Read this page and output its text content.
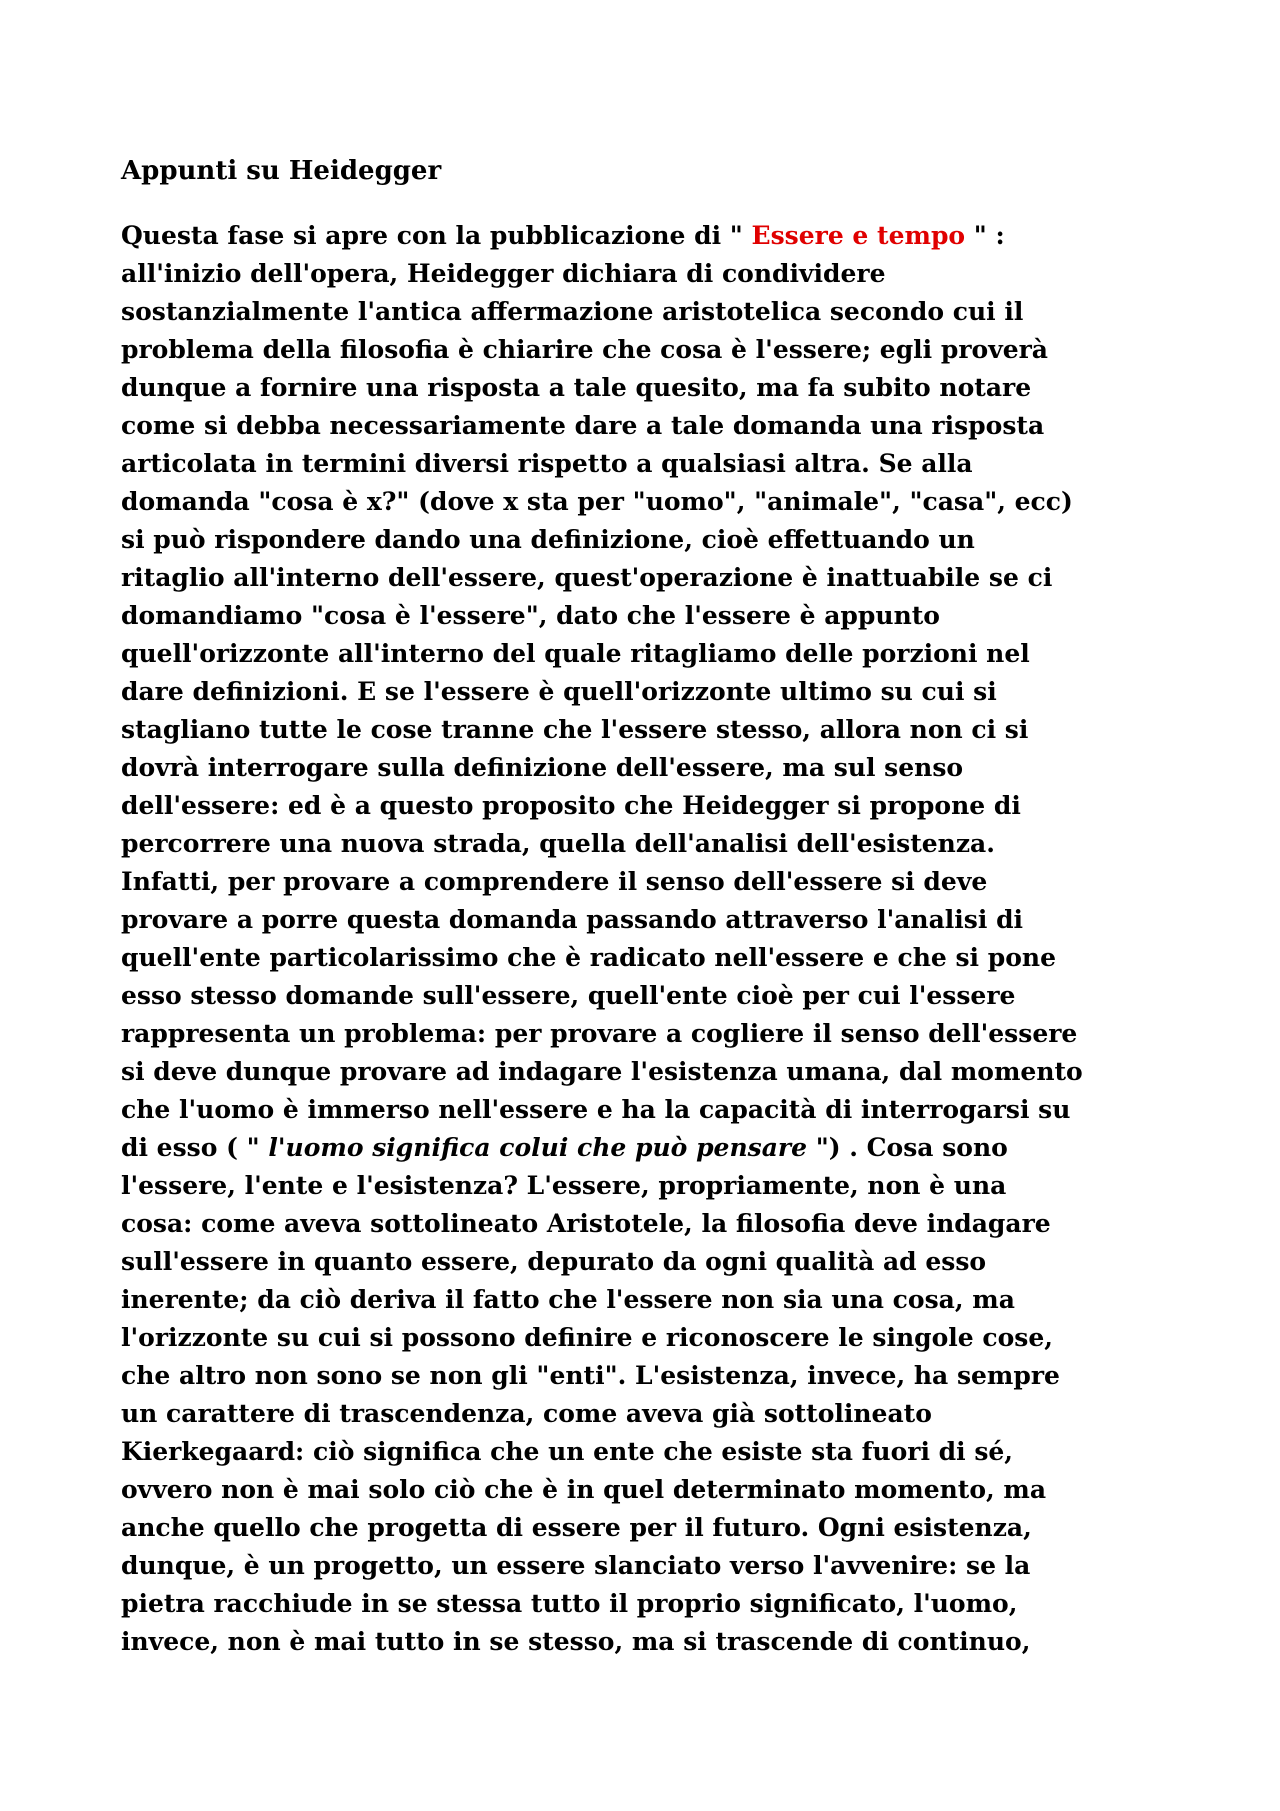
Appunti su Heidegger
Questa fase si apre con la pubblicazione di " Essere e tempo " :
all'inizio dell'opera, Heidegger dichiara di condividere
sostanzialmente l'antica affermazione aristotelica secondo cui il
problema della filosofia è chiarire che cosa è l'essere; egli proverà
dunque a fornire una risposta a tale quesito, ma fa subito notare
come si debba necessariamente dare a tale domanda una risposta
articolata in termini diversi rispetto a qualsiasi altra. Se alla
domanda "cosa è x?" (dove x sta per "uomo", "animale", "casa", ecc)
si può rispondere dando una definizione, cioè effettuando un
ritaglio all'interno dell'essere, quest'operazione è inattuabile se ci
domandiamo "cosa è l'essere", dato che l'essere è appunto
quell'orizzonte all'interno del quale ritagliamo delle porzioni nel
dare definizioni. E se l'essere è quell'orizzonte ultimo su cui si
stagliano tutte le cose tranne che l'essere stesso, allora non ci si
dovrà interrogare sulla definizione dell'essere, ma sul senso
dell'essere: ed è a questo proposito che Heidegger si propone di
percorrere una nuova strada, quella dell'analisi dell'esistenza.
Infatti, per provare a comprendere il senso dell'essere si deve
provare a porre questa domanda passando attraverso l'analisi di
quell'ente particolarissimo che è radicato nell'essere e che si pone
esso stesso domande sull'essere, quell'ente cioè per cui l'essere
rappresenta un problema: per provare a cogliere il senso dell'essere
si deve dunque provare ad indagare l'esistenza umana, dal momento
che l'uomo è immerso nell'essere e ha la capacità di interrogarsi su
di esso ( " l'uomo significa colui che può pensare ") . Cosa sono
l'essere, l'ente e l'esistenza? L'essere, propriamente, non è una
cosa: come aveva sottolineato Aristotele, la filosofia deve indagare
sull'essere in quanto essere, depurato da ogni qualità ad esso
inerente; da ciò deriva il fatto che l'essere non sia una cosa, ma
l'orizzonte su cui si possono definire e riconoscere le singole cose,
che altro non sono se non gli "enti". L'esistenza, invece, ha sempre
un carattere di trascendenza, come aveva già sottolineato
Kierkegaard: ciò significa che un ente che esiste sta fuori di sé,
ovvero non è mai solo ciò che è in quel determinato momento, ma
anche quello che progetta di essere per il futuro. Ogni esistenza,
dunque, è un progetto, un essere slanciato verso l'avvenire: se la
pietra racchiude in se stessa tutto il proprio significato, l'uomo,
invece, non è mai tutto in se stesso, ma si trascende di continuo,
